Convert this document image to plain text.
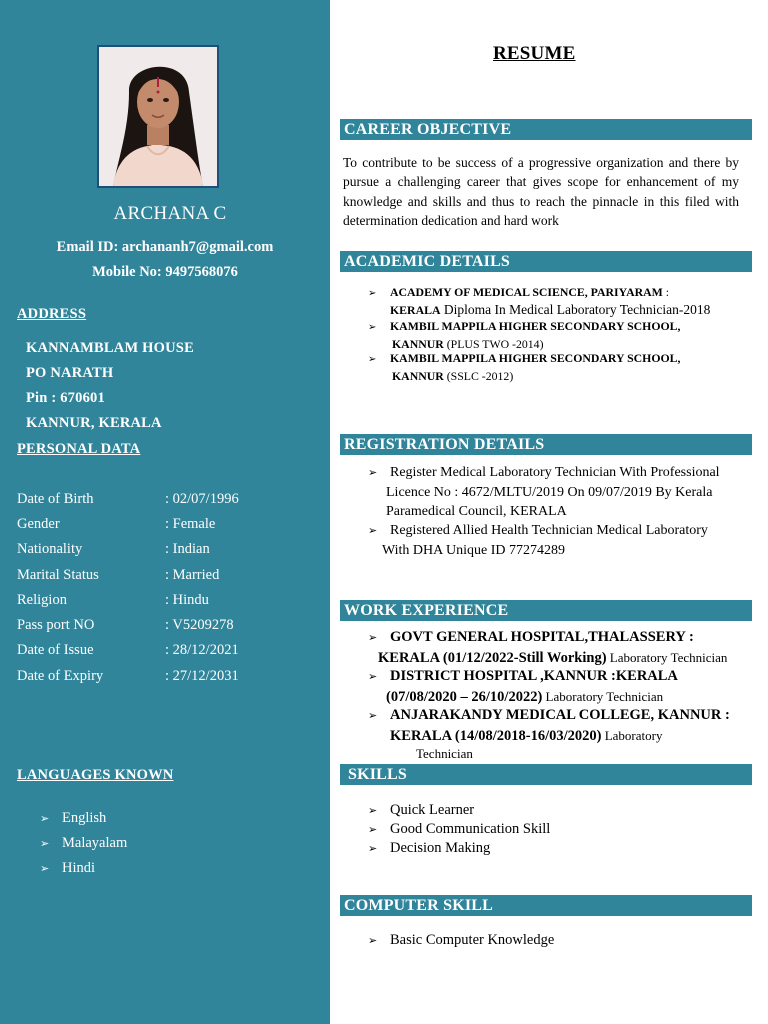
ARCHANA C
Email ID: archananh7@gmail.com
Mobile No: 9497568076
ADDRESS
KANNAMBLAM HOUSE
PO NARATH
Pin : 670601
KANNUR, KERALA
PERSONAL DATA
Date of Birth	: 02/07/1996
Gender	: Female
Nationality	: Indian
Marital Status	: Married
Religion	: Hindu
Pass port NO	: V5209278
Date of Issue	: 28/12/2021
Date of Expiry	: 27/12/2031
LANGUAGES KNOWN
➢ English
➢ Malayalam
➢ Hindi
RESUME
CAREER OBJECTIVE
To contribute to be success of a progressive organization and there by pursue a challenging career that gives scope for enhancement of my knowledge and skills and thus to reach the pinnacle in this filed with determination dedication and hard work
ACADEMIC DETAILS
➢ ACADEMY OF MEDICAL SCIENCE, PARIYARAM :
KERALA Diploma In Medical Laboratory Technician-2018
➢ KAMBIL MAPPILA HIGHER SECONDARY SCHOOL,
KANNUR (PLUS TWO -2014)
➢ KAMBIL MAPPILA HIGHER SECONDARY SCHOOL,
KANNUR (SSLC -2012)
REGISTRATION DETAILS
➢ Register Medical Laboratory Technician With Professional
Licence No : 4672/MLTU/2019 On 09/07/2019 By Kerala
Paramedical Council, KERALA
➢ Registered Allied Health Technician Medical Laboratory
With DHA Unique ID 77274289
WORK EXPERIENCE
➢ GOVT GENERAL HOSPITAL,THALASSERY :
KERALA (01/12/2022-Still Working) Laboratory Technician
➢ DISTRICT HOSPITAL ,KANNUR :KERALA
(07/08/2020 – 26/10/2022) Laboratory Technician
➢ ANJARAKANDY MEDICAL COLLEGE, KANNUR :
KERALA (14/08/2018-16/03/2020) Laboratory
Technician
SKILLS
➢ Quick Learner
➢ Good Communication Skill
➢ Decision Making
COMPUTER SKILL
➢ Basic Computer Knowledge
